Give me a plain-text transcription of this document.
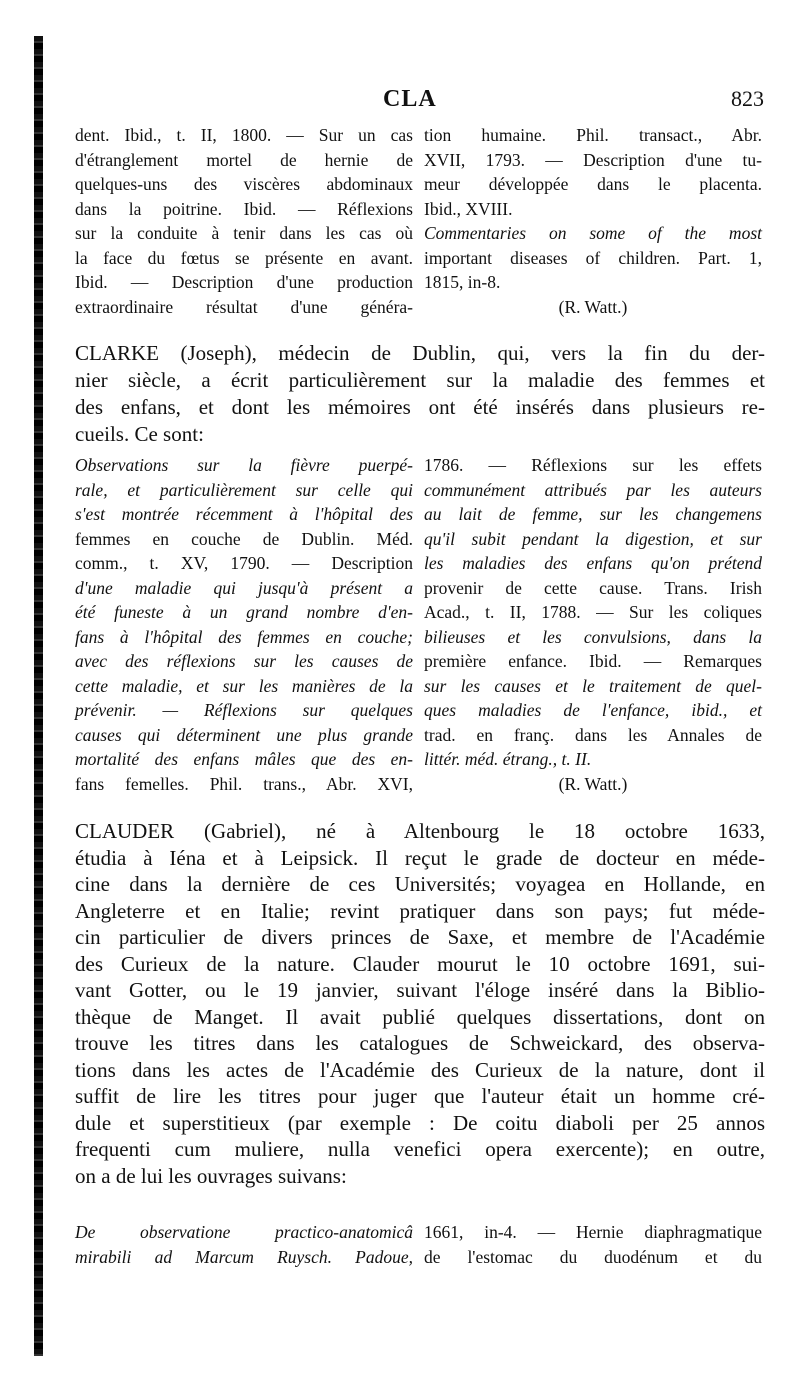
CLA	823
dent. Ibid., t. II, 1800. — Sur un cas
d'étranglement mortel de hernie de
quelques-uns des viscères abdominaux
dans la poitrine. Ibid. — Réflexions
sur la conduite à tenir dans les cas où
la face du fœtus se présente en avant.
Ibid. — Description d'une production
extraordinaire résultat d'une généra-
tion humaine. Phil. transact., Abr.
XVII, 1793. — Description d'une tu-
meur développée dans le placenta.
Ibid., XVIII.
Commentaries on some of the most
important diseases of children. Part. 1,
1815, in-8.
(R. Watt.)
CLARKE (Joseph), médecin de Dublin, qui, vers la fin du der-
nier siècle, a écrit particulièrement sur la maladie des femmes et
des enfans, et dont les mémoires ont été insérés dans plusieurs re-
cueils. Ce sont:
Observations sur la fièvre puerpé-
rale, et particulièrement sur celle qui
s'est montrée récemment à l'hôpital des
femmes en couche de Dublin. Méd.
comm., t. XV, 1790. — Description
d'une maladie qui jusqu'à présent a
été funeste à un grand nombre d'en-
fans à l'hôpital des femmes en couche;
avec des réflexions sur les causes de
cette maladie, et sur les manières de la
prévenir. — Réflexions sur quelques
causes qui déterminent une plus grande
mortalité des enfans mâles que des en-
fans femelles. Phil. trans., Abr. XVI,
1786. — Réflexions sur les effets
communément attribués par les auteurs
au lait de femme, sur les changemens
qu'il subit pendant la digestion, et sur
les maladies des enfans qu'on prétend
provenir de cette cause. Trans. Irish
Acad., t. II, 1788. — Sur les coliques
bilieuses et les convulsions, dans la
première enfance. Ibid. — Remarques
sur les causes et le traitement de quel-
ques maladies de l'enfance, ibid., et
trad. en franç. dans les Annales de
littér. méd. étrang., t. II.
(R. Watt.)
CLAUDER (Gabriel), né à Altenbourg le 18 octobre 1633,
étudia à Iéna et à Leipsick. Il reçut le grade de docteur en méde-
cine dans la dernière de ces Universités; voyagea en Hollande, en
Angleterre et en Italie; revint pratiquer dans son pays; fut méde-
cin particulier de divers princes de Saxe, et membre de l'Académie
des Curieux de la nature. Clauder mourut le 10 octobre 1691, sui-
vant Gotter, ou le 19 janvier, suivant l'éloge inséré dans la Biblio-
thèque de Manget. Il avait publié quelques dissertations, dont on
trouve les titres dans les catalogues de Schweickard, des observa-
tions dans les actes de l'Académie des Curieux de la nature, dont il
suffit de lire les titres pour juger que l'auteur était un homme cré-
dule et superstitieux (par exemple : De coitu diaboli per 25 annos
frequenti cum muliere, nulla venefici opera exercente); en outre,
on a de lui les ouvrages suivans:
De observatione practico-anatomicâ
mirabili ad Marcum Ruysch. Padoue,
1661, in-4. — Hernie diaphragmatique
de l'estomac du duodénum et du
